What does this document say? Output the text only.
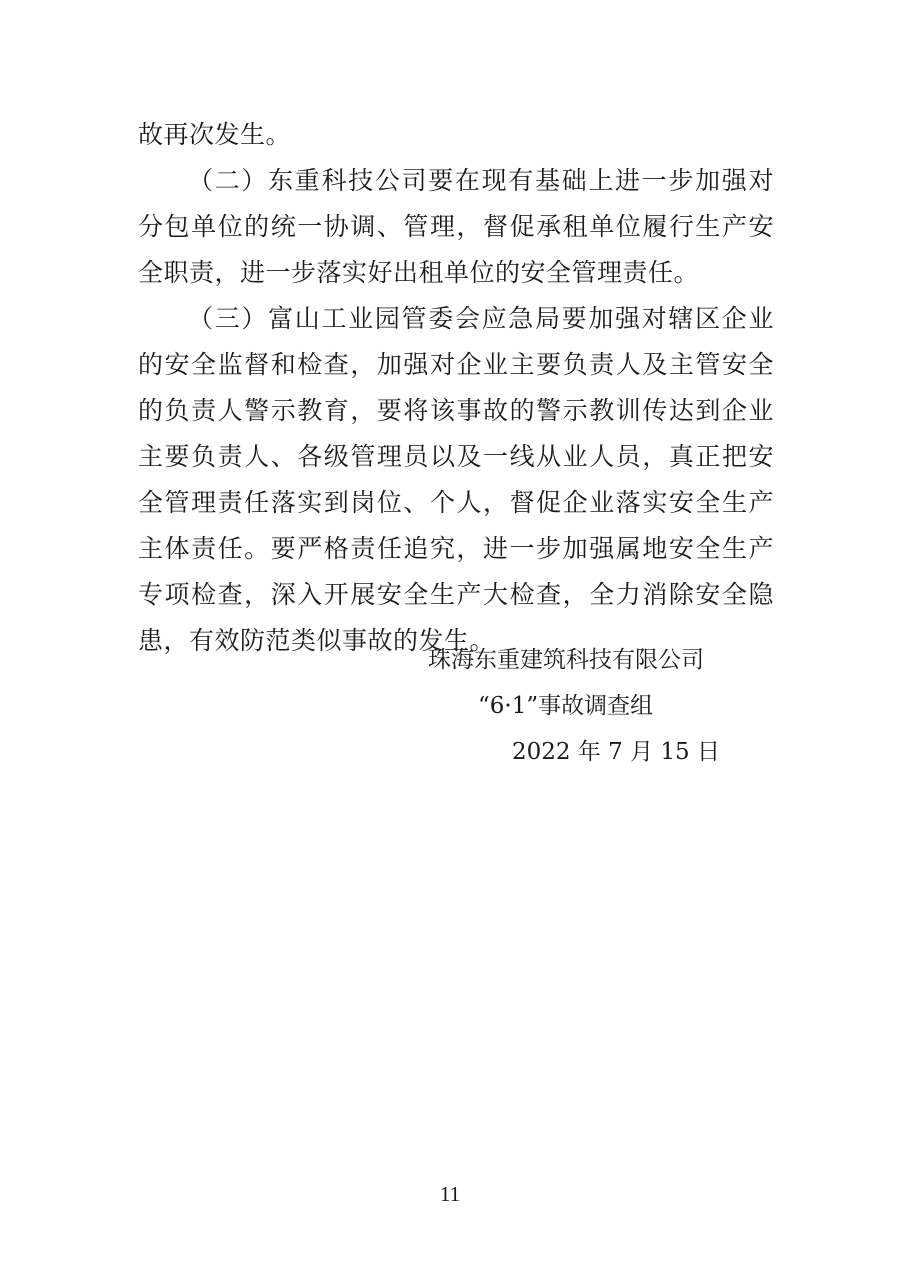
故再次发生。

（二）东重科技公司要在现有基础上进一步加强对分包单位的统一协调、管理，督促承租单位履行生产安全职责，进一步落实好出租单位的安全管理责任。

（三）富山工业园管委会应急局要加强对辖区企业的安全监督和检查，加强对企业主要负责人及主管安全的负责人警示教育，要将该事故的警示教训传达到企业主要负责人、各级管理员以及一线从业人员，真正把安全管理责任落实到岗位、个人，督促企业落实安全生产主体责任。要严格责任追究，进一步加强属地安全生产专项检查，深入开展安全生产大检查，全力消除安全隐患，有效防范类似事故的发生。

珠海东重建筑科技有限公司
“6·1”事故调查组
2022 年 7 月 15 日
11
